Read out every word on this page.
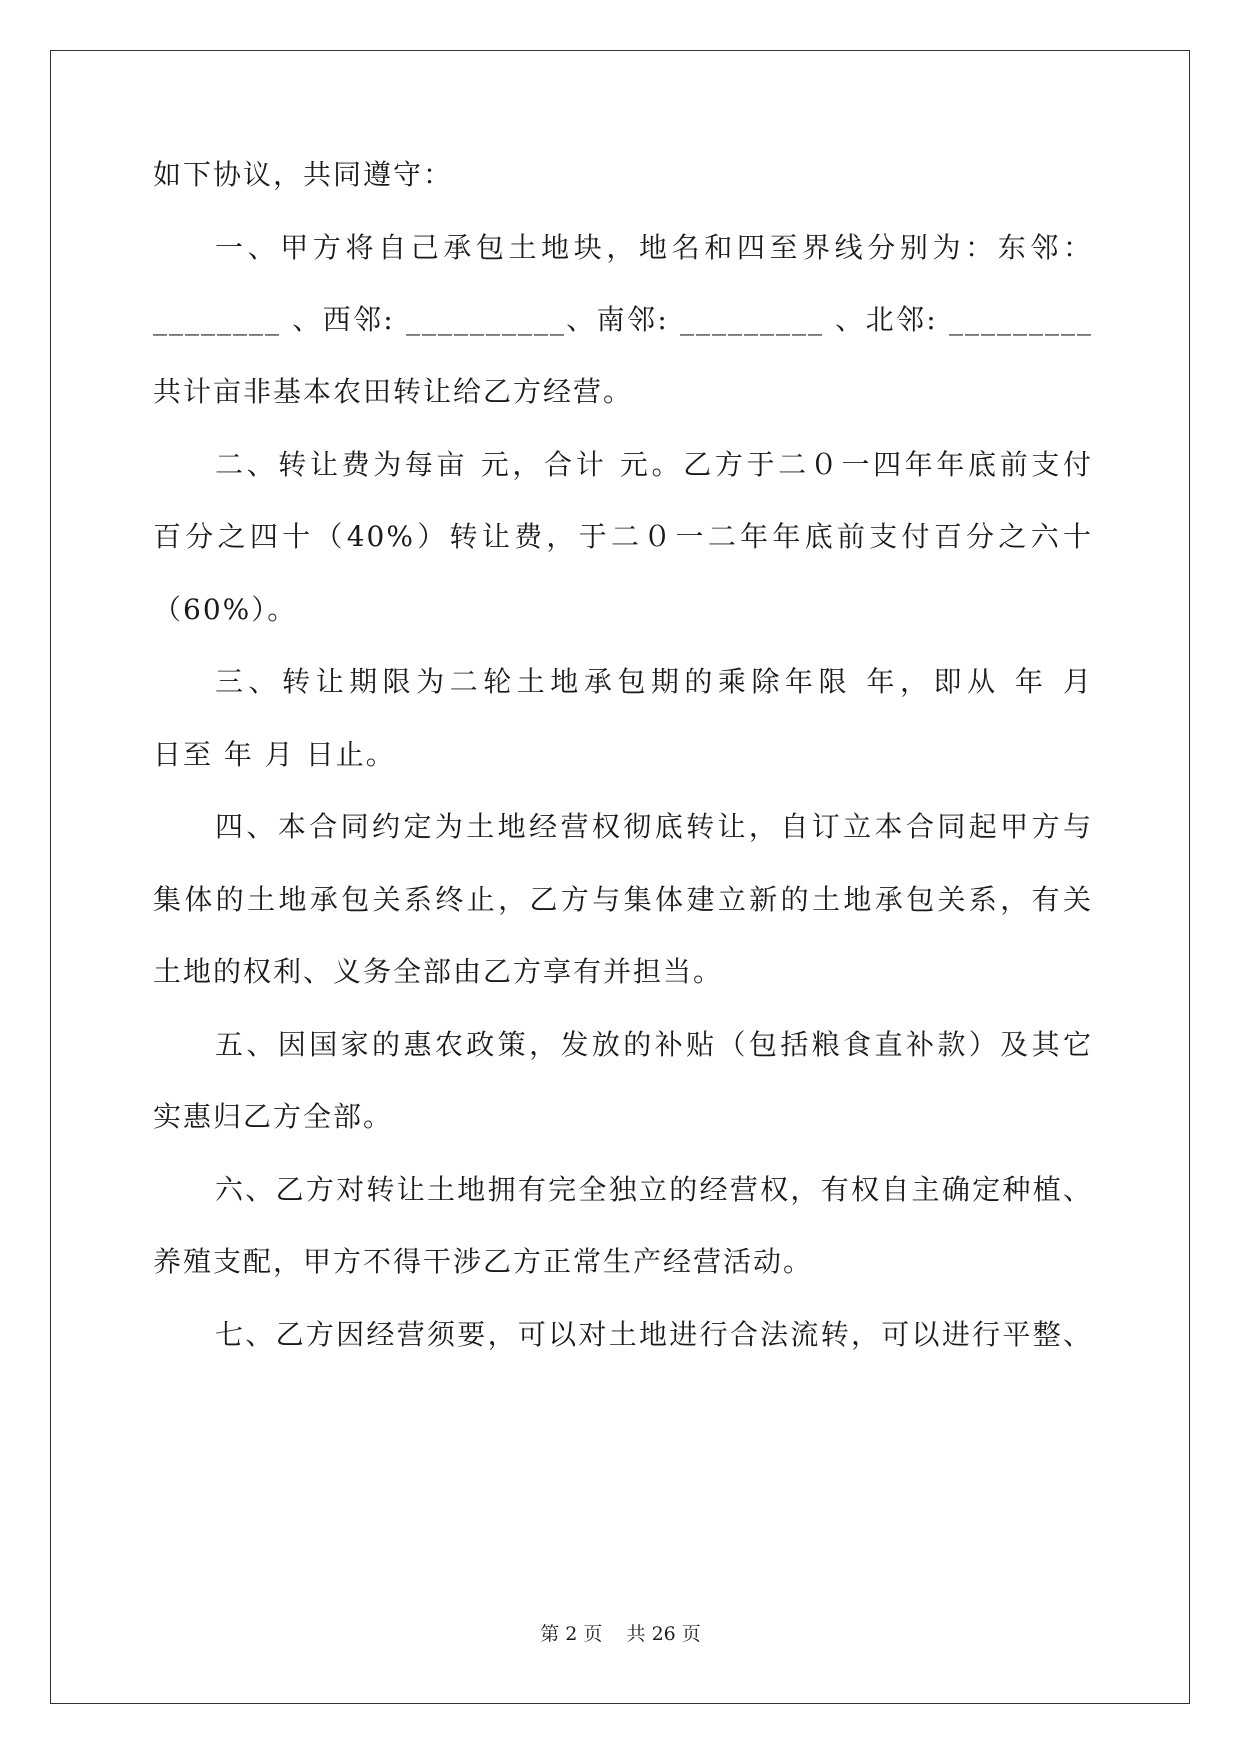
如下协议，共同遵守：
一、甲方将自己承包土地块，地名和四至界线分别为：东邻：
________ 、西邻: __________、南邻: _________ 、北邻: _________
共计亩非基本农田转让给乙方经营。
二、转让费为每亩 元，合计 元。乙方于二０一四年年底前支付
百分之四十（40%）转让费，于二０一二年年底前支付百分之六十
（60%）。
三、转让期限为二轮土地承包期的乘除年限 年，即从 年 月
日至 年 月 日止。
四、本合同约定为土地经营权彻底转让，自订立本合同起甲方与
集体的土地承包关系终止，乙方与集体建立新的土地承包关系，有关
土地的权利、义务全部由乙方享有并担当。
五、因国家的惠农政策，发放的补贴（包括粮食直补款）及其它
实惠归乙方全部。
六、乙方对转让土地拥有完全独立的经营权，有权自主确定种植、
养殖支配，甲方不得干涉乙方正常生产经营活动。
七、乙方因经营须要，可以对土地进行合法流转，可以进行平整、
第 2 页    共 26 页
